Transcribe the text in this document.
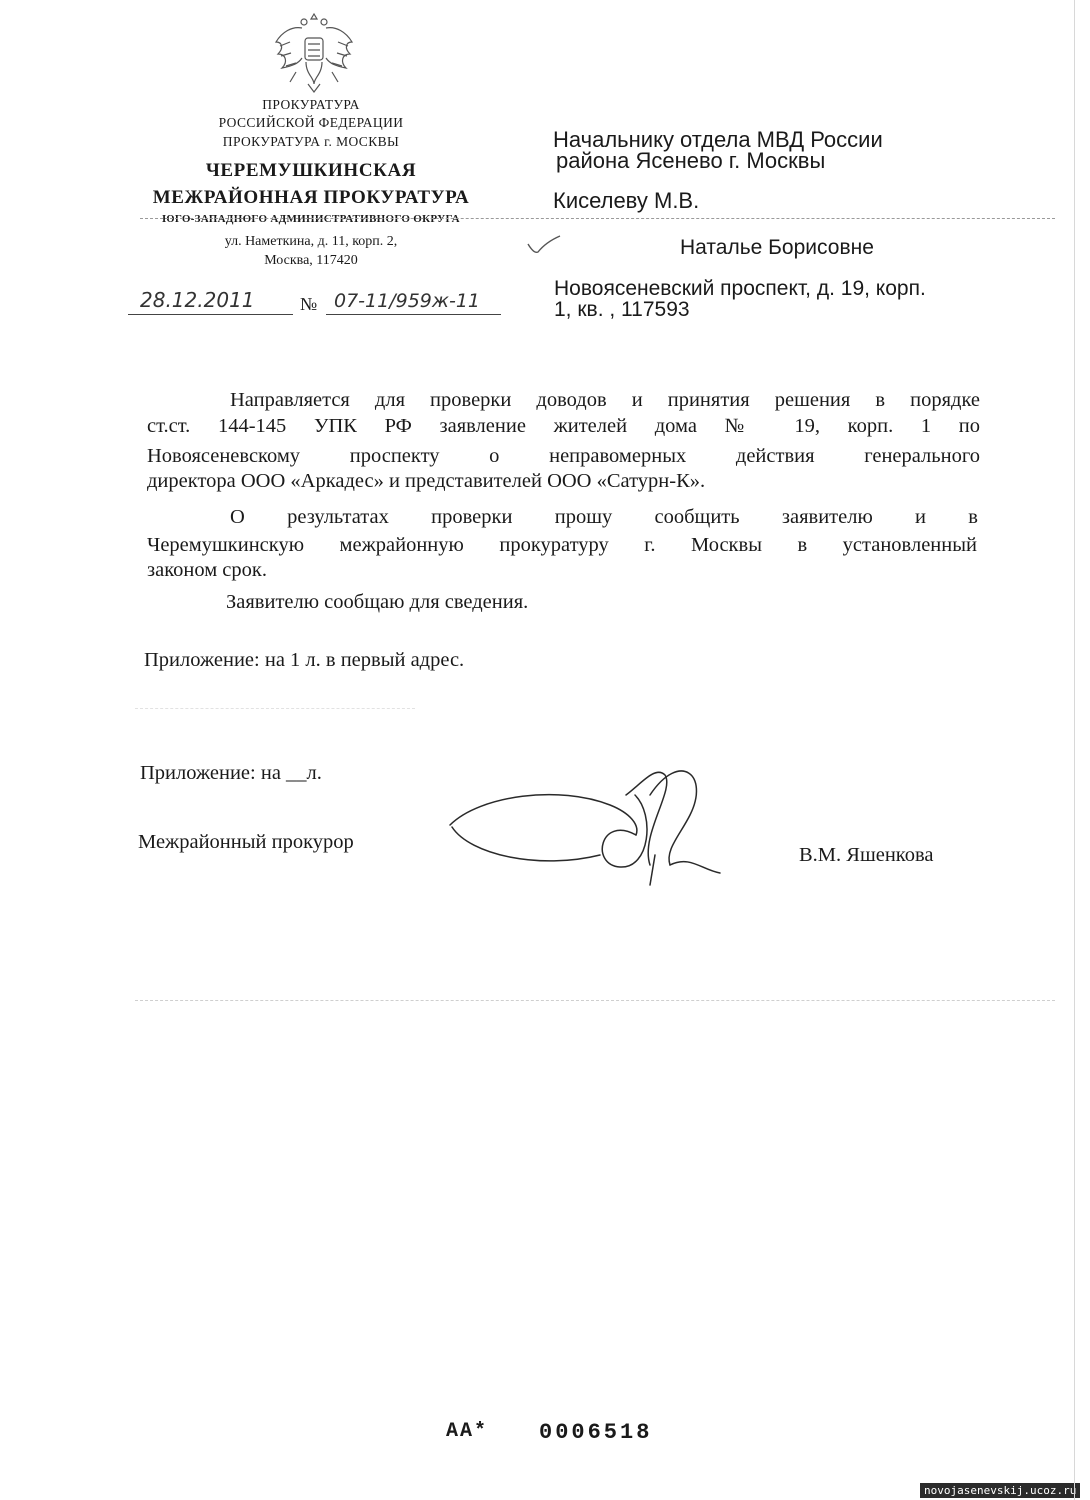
ПРОКУРАТУРА
РОССИЙСКОЙ ФЕДЕРАЦИИ
ПРОКУРАТУРА г. МОСКВЫ
ЧЕРЕМУШКИНСКАЯ
МЕЖРАЙОННАЯ ПРОКУРАТУРА
ЮГО-ЗАПАДНОГО АДМИНИСТРАТИВНОГО ОКРУГА
ул. Наметкина, д. 11, корп. 2,
Москва, 117420
28.12.2011	№ 07-11/959ж-11
Начальнику отдела МВД России
района Ясенево г. Москвы
Киселеву М.В.
Наталье Борисовне
Новоясеневский проспект, д. 19, корп.
1, кв. , 117593
Направляется для проверки доводов и принятия решения в порядке
ст.ст. 144-145 УПК РФ заявление жителей дома № 19, корп. 1 по
Новоясеневскому проспекту о неправомерных действия генерального
директора ООО «Аркадес» и представителей ООО «Сатурн-К».
О результатах проверки прошу сообщить заявителю и в
Черемушкинскую межрайонную прокуратуру г. Москвы в установленный
законом срок.
Заявителю сообщаю для сведения.
Приложение: на 1 л. в первый адрес.
Приложение: на __л.
Межрайонный прокурор
В.М. Яшенкова
АА* 0006518
novojasenevskij.ucoz.ru
